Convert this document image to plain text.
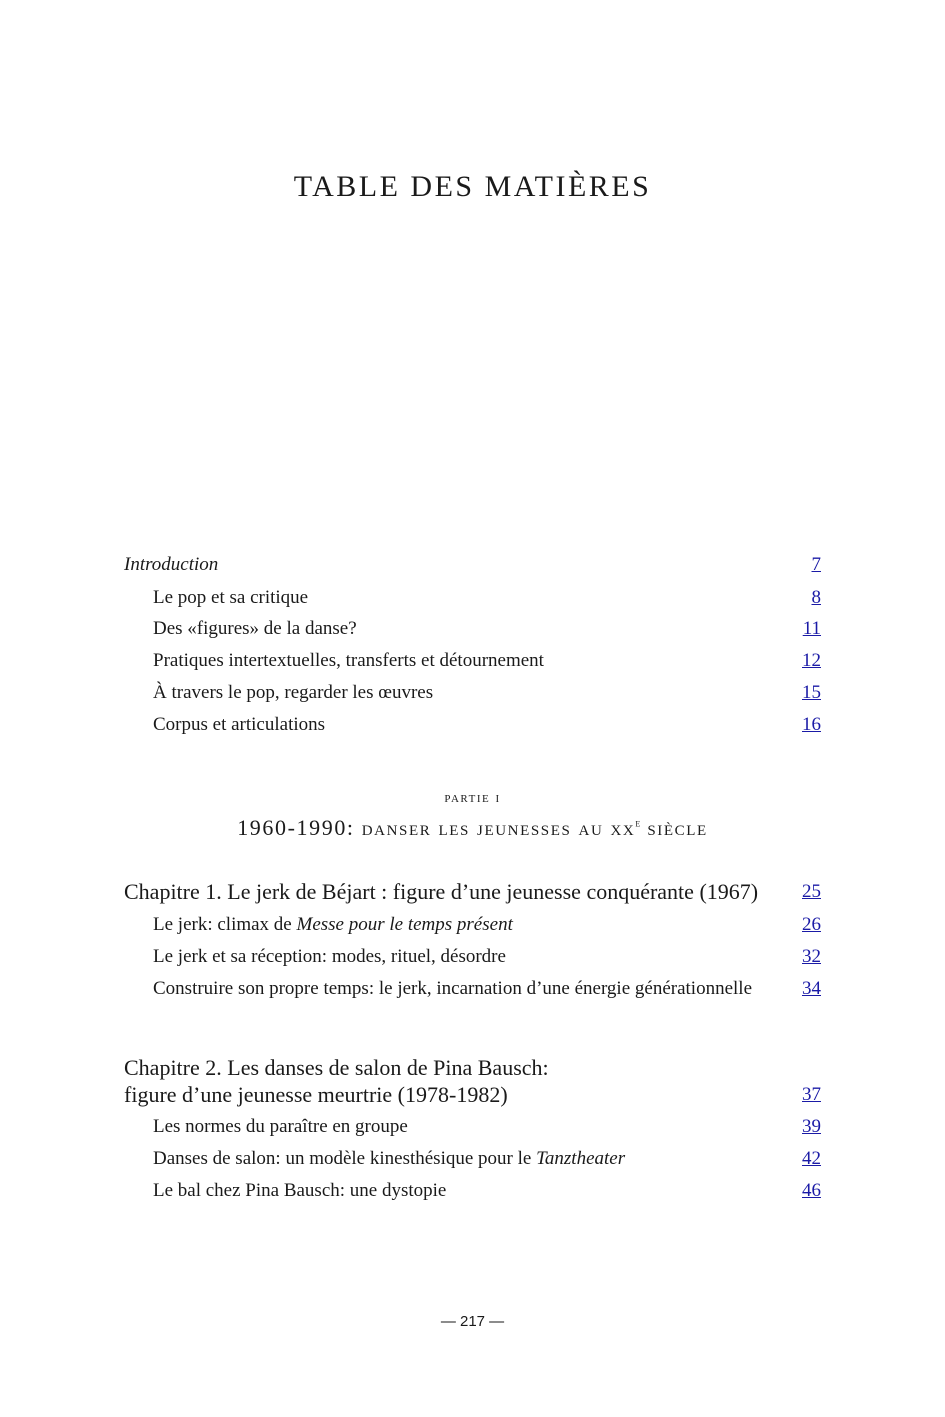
TABLE DES MATIÈRES
Introduction	7
Le pop et sa critique	8
Des «figures» de la danse?	11
Pratiques intertextuelles, transferts et détournement	12
À travers le pop, regarder les œuvres	15
Corpus et articulations	16
partie i
1960-1990: danser les jeunesses au $xx^e$ siècle
Chapitre 1. Le jerk de Béjart : figure d’une jeunesse conquérante (1967) 25
Le jerk: climax de Messe pour le temps présent	26
Le jerk et sa réception: modes, rituel, désordre	32
Construire son propre temps: le jerk, incarnation d’une énergie générationnelle	34
Chapitre 2. Les danses de salon de Pina Bausch:
figure d’une jeunesse meurtrie (1978-1982)	37
Les normes du paraître en groupe	39
Danses de salon: un modèle kinesthésique pour le Tanztheater	42
Le bal chez Pina Bausch: une dystopie	46
— 217 —
